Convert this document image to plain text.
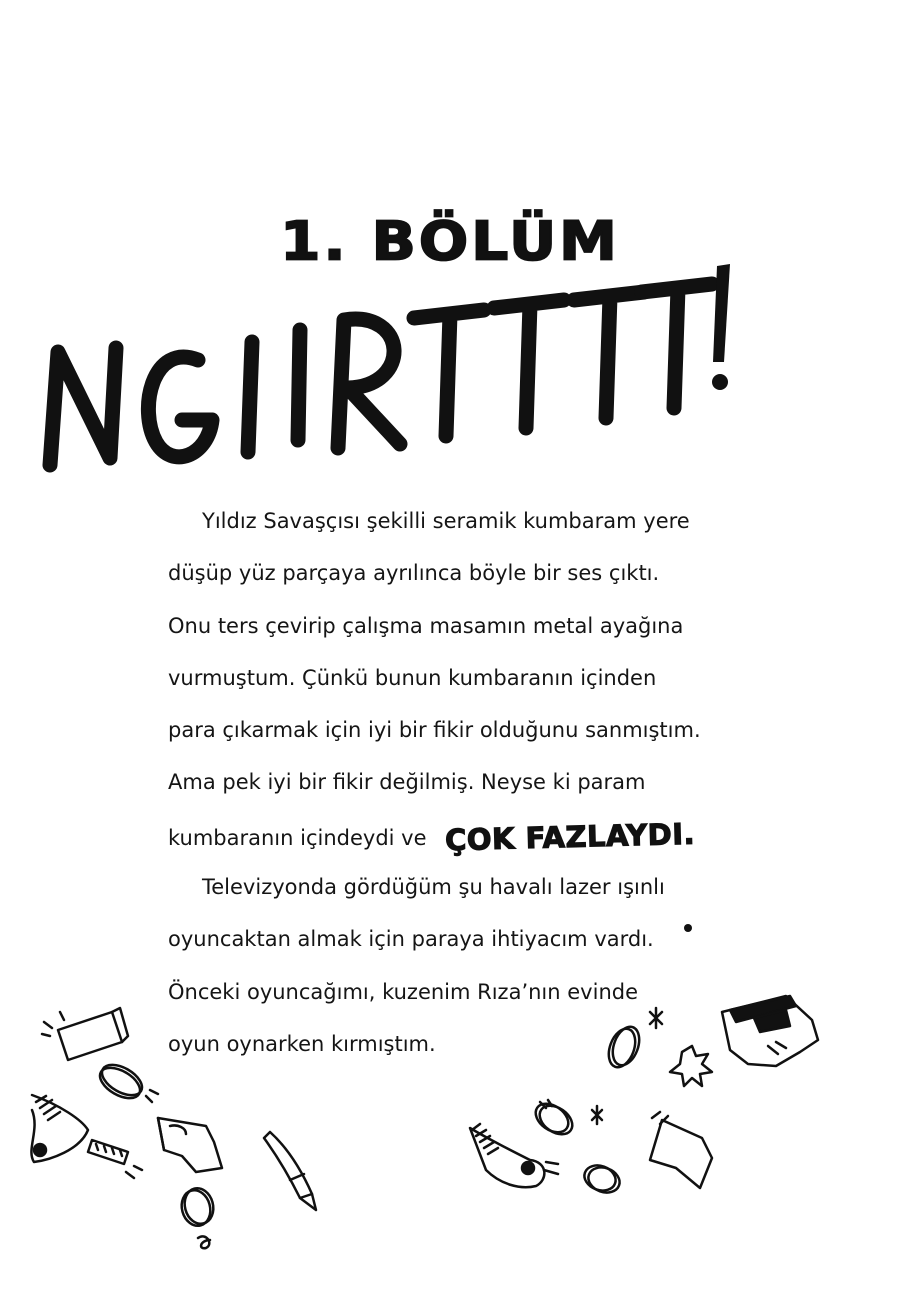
1. BÖLÜM
Yıldız Savaşçısı şekilli seramik kumbaram yere
düşüp yüz parçaya ayrılınca böyle bir ses çıktı.
Onu ters çevirip çalışma masamın metal ayağına
vurmuştum. Çünkü bunun kumbaranın içinden
para çıkarmak için iyi bir fikir olduğunu sanmıştım.
Ama pek iyi bir fikir değilmiş. Neyse ki param
kumbaranın içindeydi ve ÇOK FAZLAYDI.
Televizyonda gördüğüm şu havalı lazer ışınlı
oyuncaktan almak için paraya ihtiyacım vardı.
Önceki oyuncağımı, kuzenim Rıza’nın evinde
oyun oynarken kırmıştım.
